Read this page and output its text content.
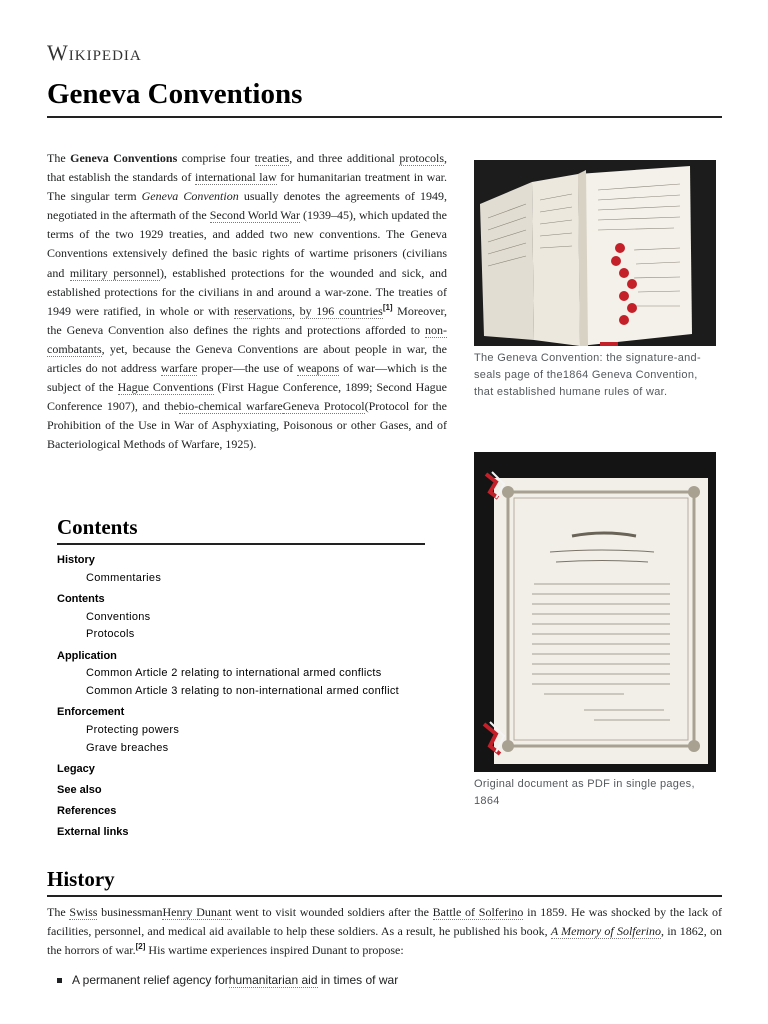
Wikipedia
Geneva Conventions

The Geneva Conventions comprise four treaties, and three additional protocols, that establish the standards of international law for humanitarian treatment in war. The singular term Geneva Convention usually denotes the agreements of 1949, negotiated in the aftermath of the Second World War (1939–45), which updated the terms of the two 1929 treaties, and added two new conventions. The Geneva Conventions extensively defined the basic rights of wartime prisoners (civilians and military personnel), established protections for the wounded and sick, and established protections for the civilians in and around a war-zone. The treaties of 1949 were ratified, in whole or with reservations, by 196 countries[1] Moreover, the Geneva Convention also defines the rights and protections afforded to non-combatants, yet, because the Geneva Conventions are about people in war, the articles do not address warfare proper—the use of weapons of war—which is the subject of the Hague Conventions (First Hague Conference, 1899; Second Hague Conference 1907), and thebio-chemical warfareGeneva Protocol(Protocol for the Prohibition of the Use in War of Asphyxiating, Poisonous or other Gases, and of Bacteriological Methods of Warfare, 1925).

The Geneva Convention: the signature-and-seals page of the1864 Geneva Convention, that established humane rules of war.
Original document as PDF in single pages, 1864
Contents
History
Commentaries
Contents
Conventions
Protocols
Application
Common Article 2 relating to international armed conflicts
Common Article 3 relating to non-international armed conflict
Enforcement
Protecting powers
Grave breaches
Legacy
See also
References
External links
History

The Swiss businessmanHenry Dunant went to visit wounded soldiers after the Battle of Solferino in 1859. He was shocked by the lack of facilities, personnel, and medical aid available to help these soldiers. As a result, he published his book, A Memory of Solferino, in 1862, on the horrors of war.[2] His wartime experiences inspired Dunant to propose:

A permanent relief agency forhumanitarian aid in times of war
